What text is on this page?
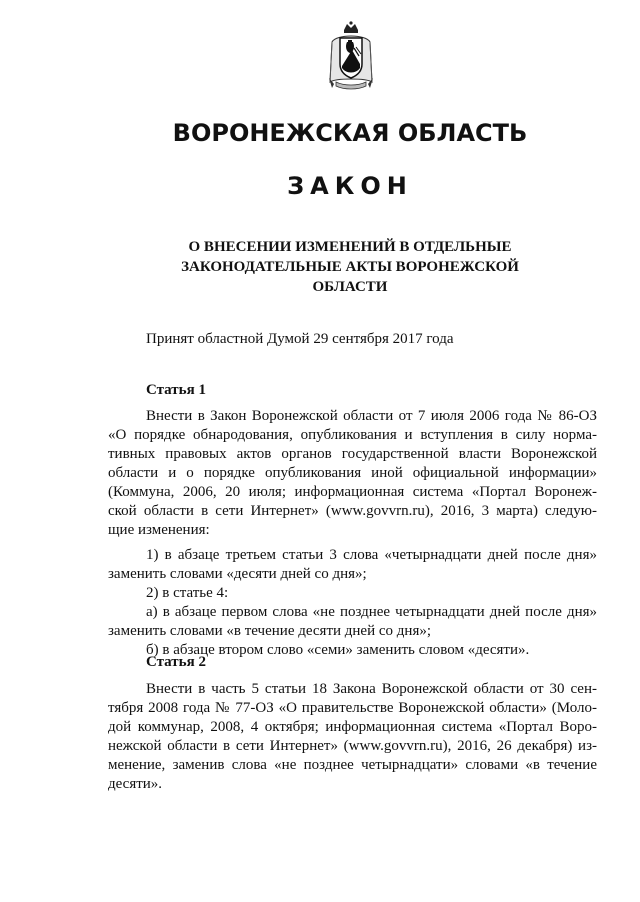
ВОРОНЕЖСКАЯ ОБЛАСТЬ
ЗАКОН
О ВНЕСЕНИИ ИЗМЕНЕНИЙ В ОТДЕЛЬНЫЕ
ЗАКОНОДАТЕЛЬНЫЕ АКТЫ ВОРОНЕЖСКОЙ
ОБЛАСТИ

Принят областной Думой 29 сентября 2017 года

Статья 1
Внести в Закон Воронежской области от 7 июля 2006 года № 86-ОЗ
«О порядке обнародования, опубликования и вступления в силу норма-
тивных правовых актов органов государственной власти Воронежской
области и о порядке опубликования иной официальной информации»
(Коммуна, 2006, 20 июля; информационная система «Портал Воронеж-
ской области в сети Интернет» (www.govvrn.ru), 2016, 3 марта) следую-
щие изменения:
1) в абзаце третьем статьи 3 слова «четырнадцати дней после дня»
заменить словами «десяти дней со дня»;
2) в статье 4:
а) в абзаце первом слова «не позднее четырнадцати дней после дня»
заменить словами «в течение десяти дней со дня»;
б) в абзаце втором слово «семи» заменить словом «десяти».
Статья 2
Внести в часть 5 статьи 18 Закона Воронежской области от 30 сен-
тября 2008 года № 77-ОЗ «О правительстве Воронежской области» (Моло-
дой коммунар, 2008, 4 октября; информационная система «Портал Воро-
нежской области в сети Интернет» (www.govvrn.ru), 2016, 26 декабря) из-
менение, заменив слова «не позднее четырнадцати» словами «в течение
десяти».
